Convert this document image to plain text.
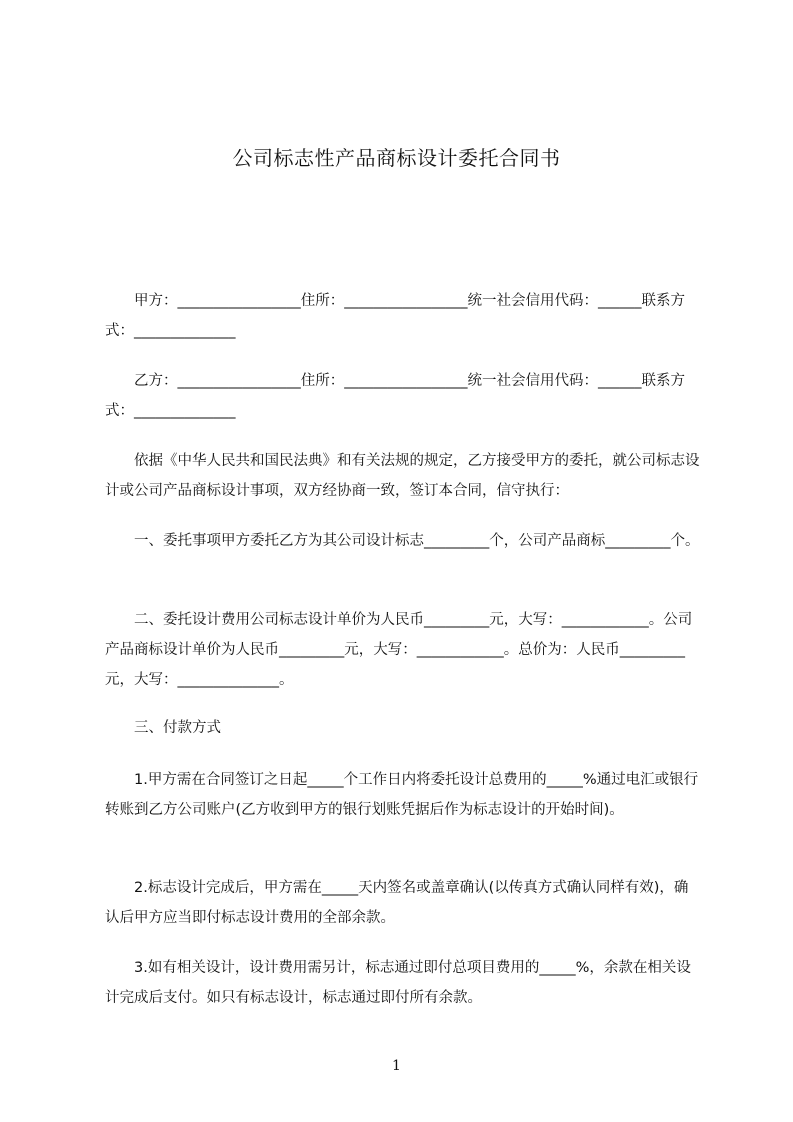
公司标志性产品商标设计委托合同书

甲方：_________________住所：_________________统一社会信用代码：______联系方式：______________

乙方：_________________住所：_________________统一社会信用代码：______联系方式：______________

依据《中华人民共和国民法典》和有关法规的规定，乙方接受甲方的委托，就公司标志设计或公司产品商标设计事项，双方经协商一致，签订本合同，信守执行：

一、委托事项甲方委托乙方为其公司设计标志_________个，公司产品商标_________个。

二、委托设计费用公司标志设计单价为人民币_________元，大写：____________。公司产品商标设计单价为人民币_________元，大写：____________。总价为：人民币_________元，大写：______________。

三、付款方式

1.甲方需在合同签订之日起_____个工作日内将委托设计总费用的_____%通过电汇或银行转账到乙方公司账户(乙方收到甲方的银行划账凭据后作为标志设计的开始时间)。

2.标志设计完成后，甲方需在_____天内签名或盖章确认(以传真方式确认同样有效)，确认后甲方应当即付标志设计费用的全部余款。

3.如有相关设计，设计费用需另计，标志通过即付总项目费用的_____%，余款在相关设计完成后支付。如只有标志设计，标志通过即付所有余款。

1
